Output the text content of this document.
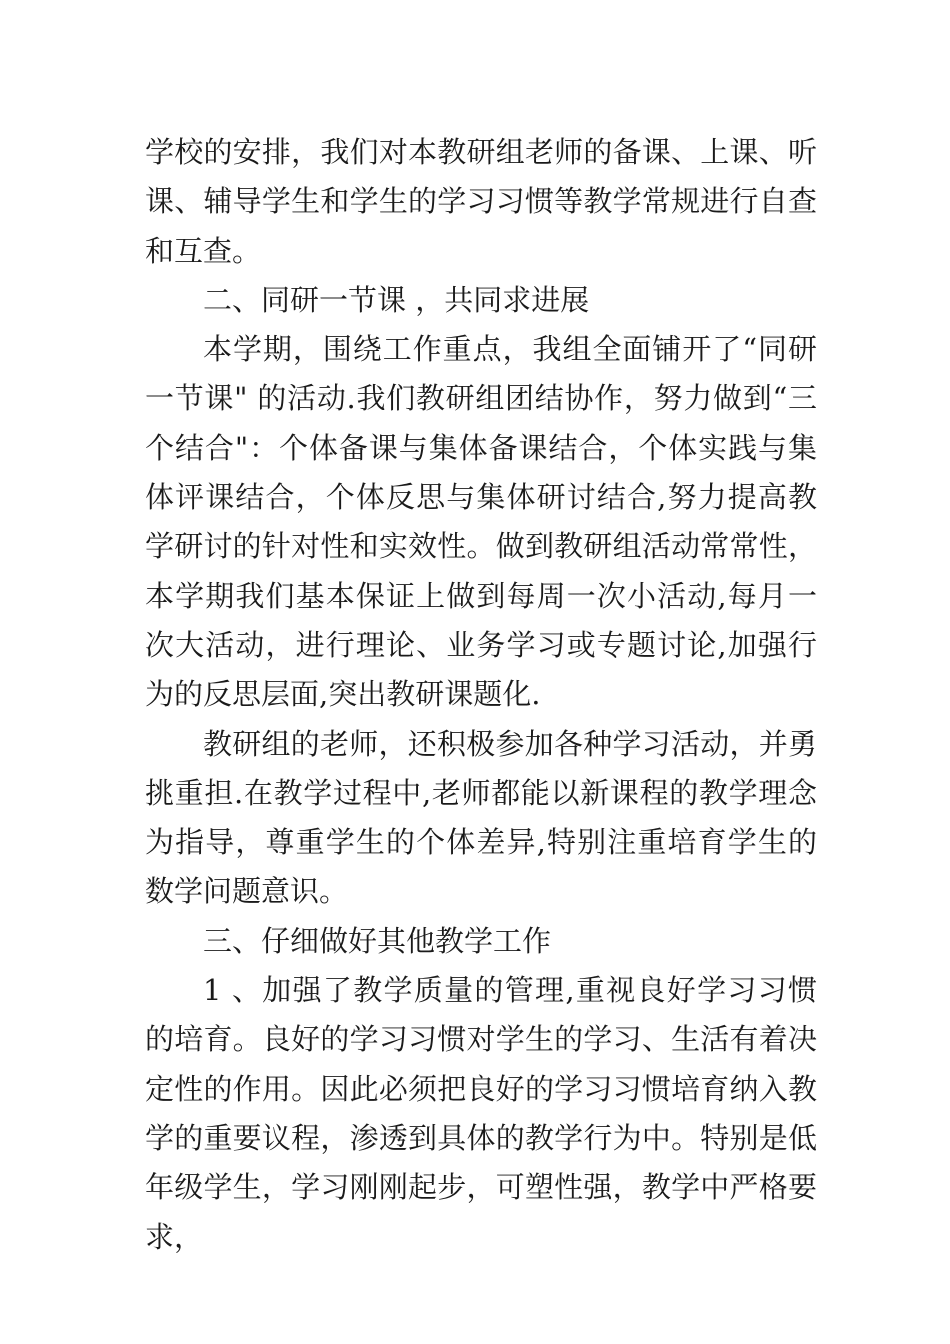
学校的安排，我们对本教研组老师的备课、上课、听课、辅导学生和学生的学习习惯等教学常规进行自查和互查。

二、同研一节课 ，共同求进展

本学期，围绕工作重点，我组全面铺开了“同研一节课" 的活动.我们教研组团结协作，努力做到“三个结合"：个体备课与集体备课结合，个体实践与集体评课结合，个体反思与集体研讨结合,努力提高教学研讨的针对性和实效性。做到教研组活动常常性，本学期我们基本保证上做到每周一次小活动,每月一次大活动，进行理论、业务学习或专题讨论,加强行为的反思层面,突出教研课题化.

教研组的老师，还积极参加各种学习活动，并勇挑重担.在教学过程中,老师都能以新课程的教学理念为指导，尊重学生的个体差异,特别注重培育学生的数学问题意识。

三、仔细做好其他教学工作

1 、加强了教学质量的管理,重视良好学习习惯的培育。良好的学习习惯对学生的学习、生活有着决定性的作用。因此必须把良好的学习习惯培育纳入教学的重要议程，渗透到具体的教学行为中。特别是低年级学生，学习刚刚起步，可塑性强，教学中严格要求，
